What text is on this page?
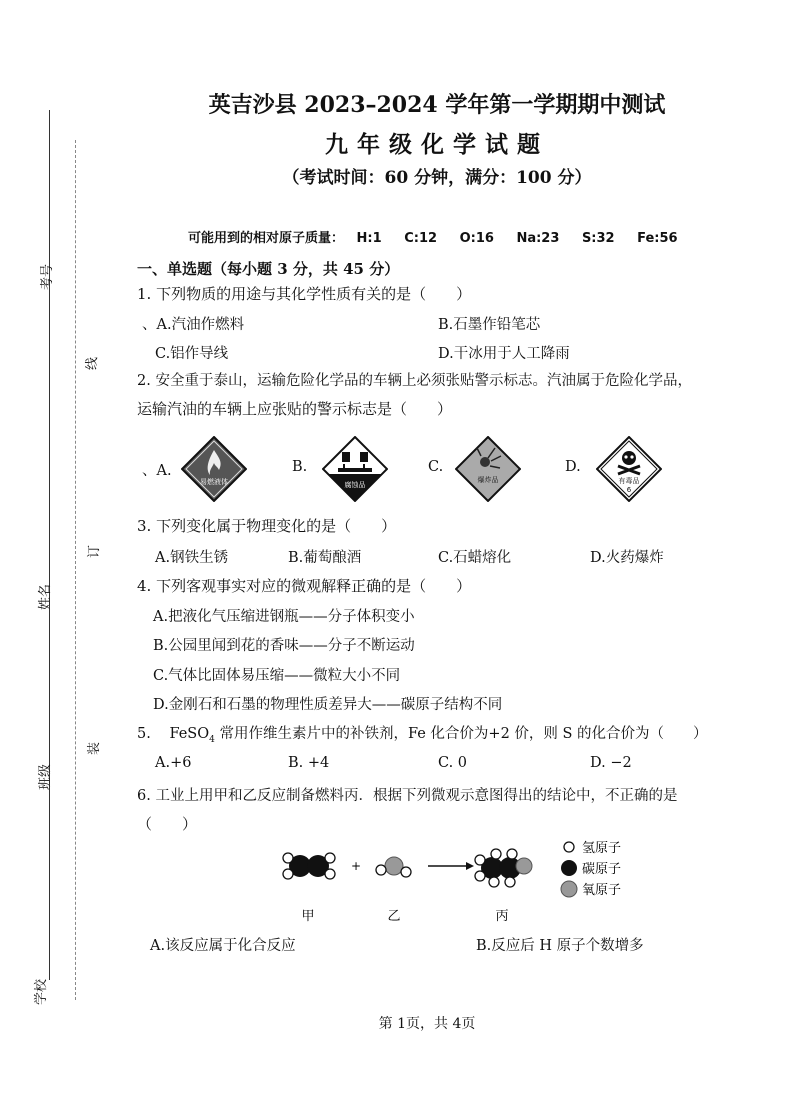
考号
姓名
班级
学校
线
订
装
英吉沙县 2023–2024 学年第一学期期中测试
九年级化学试题
（考试时间：60 分钟，满分：100 分）
可能用到的相对原子质量： H:1 C:12 O:16 Na:23 S:32 Fe:56
一、单选题（每小题 3 分，共 45 分）
1. 下列物质的用途与其化学性质有关的是（　　）
、A.汽油作燃料	B.石墨作铅笔芯
C.铝作导线	D.干冰用于人工降雨
2. 安全重于泰山，运输危险化学品的车辆上必须张贴警示标志。汽油属于危险化学品，
运输汽油的车辆上应张贴的警示标志是（　　）
、A.
易燃液体
B.
腐蚀品
C.
爆炸品
D.
有毒品
6
3. 下列变化属于物理变化的是（　　）
A.钢铁生锈	B.葡萄酿酒	C.石蜡熔化	D.火药爆炸
4. 下列客观事实对应的微观解释正确的是（　　）
A.把液化气压缩进钢瓶——分子体积变小
B.公园里闻到花的香味——分子不断运动
C.气体比固体易压缩——微粒大小不同
D.金刚石和石墨的物理性质差异大——碳原子结构不同
5. FeSO$_4$ 常用作维生素片中的补铁剂，Fe 化合价为+2 价，则 S 的化合价为（　　）
A.+6	B. +4	C. 0	D. −2
6. 工业上用甲和乙反应制备燃料丙．根据下列微观示意图得出的结论中，不正确的是
（　　）
+
氢原子
碳原子
氧原子
甲	乙	丙
A.该反应属于化合反应	B.反应后 H 原子个数增多
第 1页，共 4页
